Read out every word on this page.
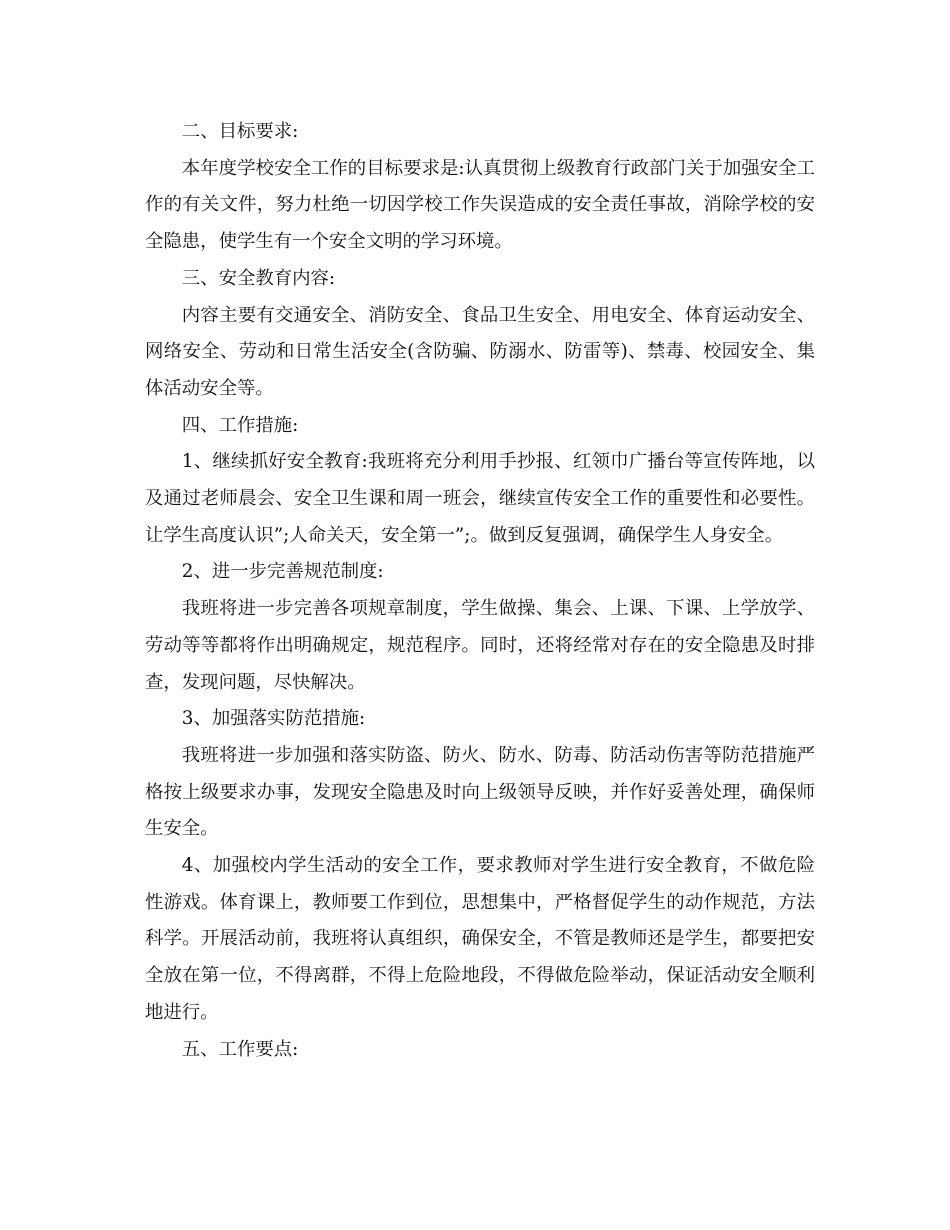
二、目标要求:

本年度学校安全工作的目标要求是:认真贯彻上级教育行政部门关于加强安全工作的有关文件，努力杜绝一切因学校工作失误造成的安全责任事故，消除学校的安全隐患，使学生有一个安全文明的学习环境。

三、安全教育内容:

内容主要有交通安全、消防安全、食品卫生安全、用电安全、体育运动安全、网络安全、劳动和日常生活安全(含防骗、防溺水、防雷等)、禁毒、校园安全、集体活动安全等。

四、工作措施:

1、继续抓好安全教育:我班将充分利用手抄报、红领巾广播台等宣传阵地，以及通过老师晨会、安全卫生课和周一班会，继续宣传安全工作的重要性和必要性。让学生高度认识”;人命关天，安全第一”;。做到反复强调，确保学生人身安全。

2、进一步完善规范制度:

我班将进一步完善各项规章制度，学生做操、集会、上课、下课、上学放学、劳动等等都将作出明确规定，规范程序。同时，还将经常对存在的安全隐患及时排查，发现问题，尽快解决。

3、加强落实防范措施:

我班将进一步加强和落实防盗、防火、防水、防毒、防活动伤害等防范措施严格按上级要求办事，发现安全隐患及时向上级领导反映，并作好妥善处理，确保师生安全。

4、加强校内学生活动的安全工作，要求教师对学生进行安全教育，不做危险性游戏。体育课上，教师要工作到位，思想集中，严格督促学生的动作规范，方法科学。开展活动前，我班将认真组织，确保安全，不管是教师还是学生，都要把安全放在第一位，不得离群，不得上危险地段，不得做危险举动，保证活动安全顺利地进行。

五、工作要点:
